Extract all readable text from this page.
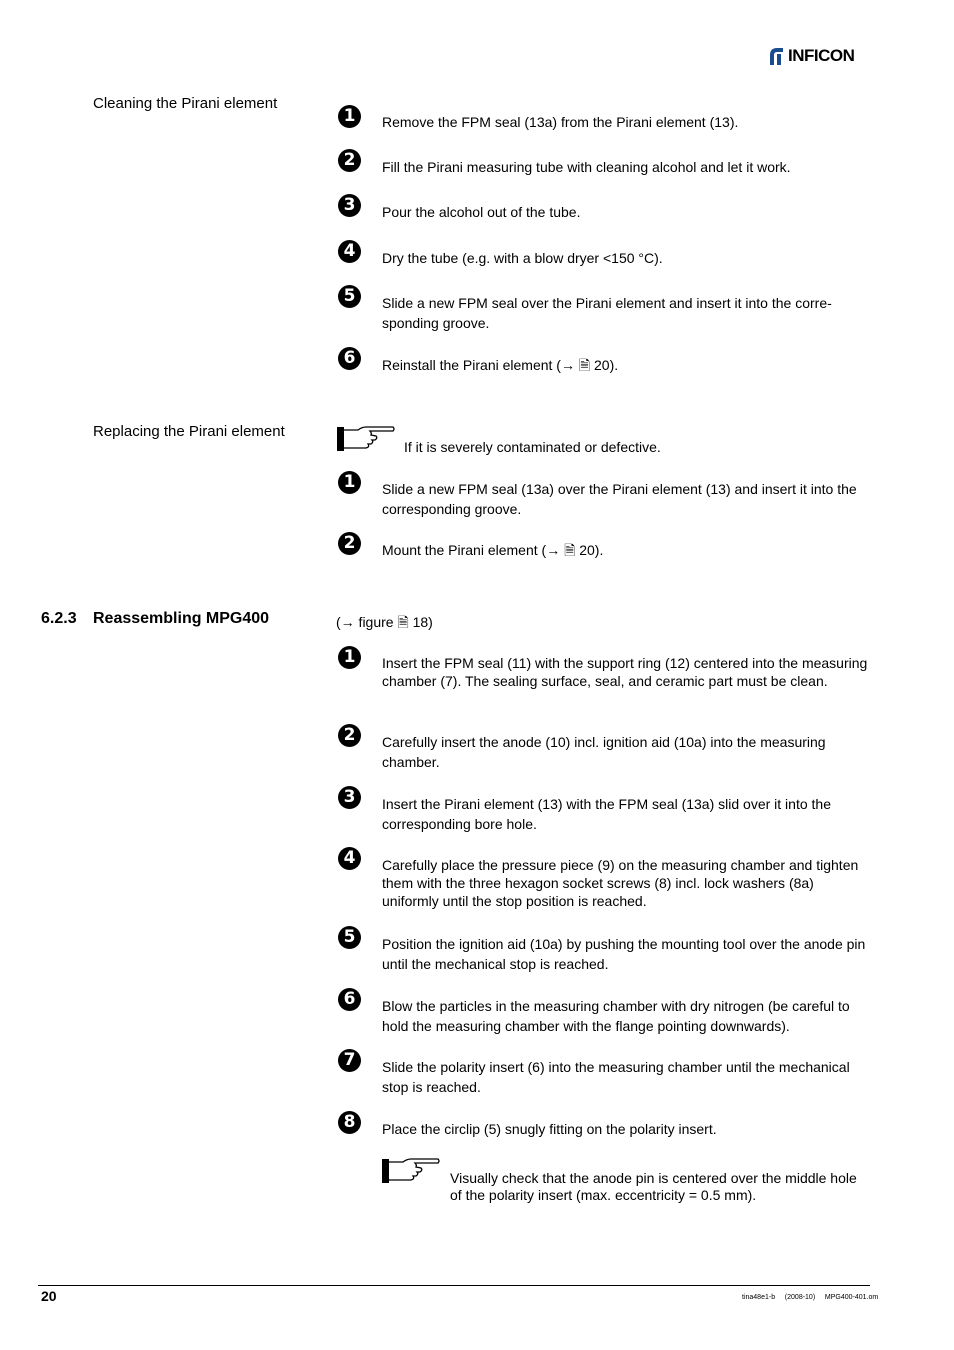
INFICON
Cleaning the Pirani element
1	Remove the FPM seal (13a) from the Pirani element (13).
2	Fill the Pirani measuring tube with cleaning alcohol and let it work.
3	Pour the alcohol out of the tube.
4	Dry the tube (e.g. with a blow dryer <150 °C).
5	Slide a new FPM seal over the Pirani element and insert it into the corre-sponding groove.
6	Reinstall the Pirani element (→ 🗎 20).
Replacing the Pirani element
If it is severely contaminated or defective.
1	Slide a new FPM seal (13a) over the Pirani element (13) and insert it into the corresponding groove.
2	Mount the Pirani element (→ 🗎 20).
6.2.3 Reassembling MPG400	(→ figure 🗎 18)
1	Insert the FPM seal (11) with the support ring (12) centered into the measuring chamber (7). The sealing surface, seal, and ceramic part must be clean.
2	Carefully insert the anode (10) incl. ignition aid (10a) into the measuring chamber.
3	Insert the Pirani element (13) with the FPM seal (13a) slid over it into the corresponding bore hole.
4	Carefully place the pressure piece (9) on the measuring chamber and tighten them with the three hexagon socket screws (8) incl. lock washers (8a) uniformly until the stop position is reached.
5	Position the ignition aid (10a) by pushing the mounting tool over the anode pin until the mechanical stop is reached.
6	Blow the particles in the measuring chamber with dry nitrogen (be careful to hold the measuring chamber with the flange pointing downwards).
7	Slide the polarity insert (6) into the measuring chamber until the mechanical stop is reached.
8	Place the circlip (5) snugly fitting on the polarity insert.
Visually check that the anode pin is centered over the middle hole of the polarity insert (max. eccentricity = 0.5 mm).
20	tina48e1-b     (2008-10)     MPG400-401.om
